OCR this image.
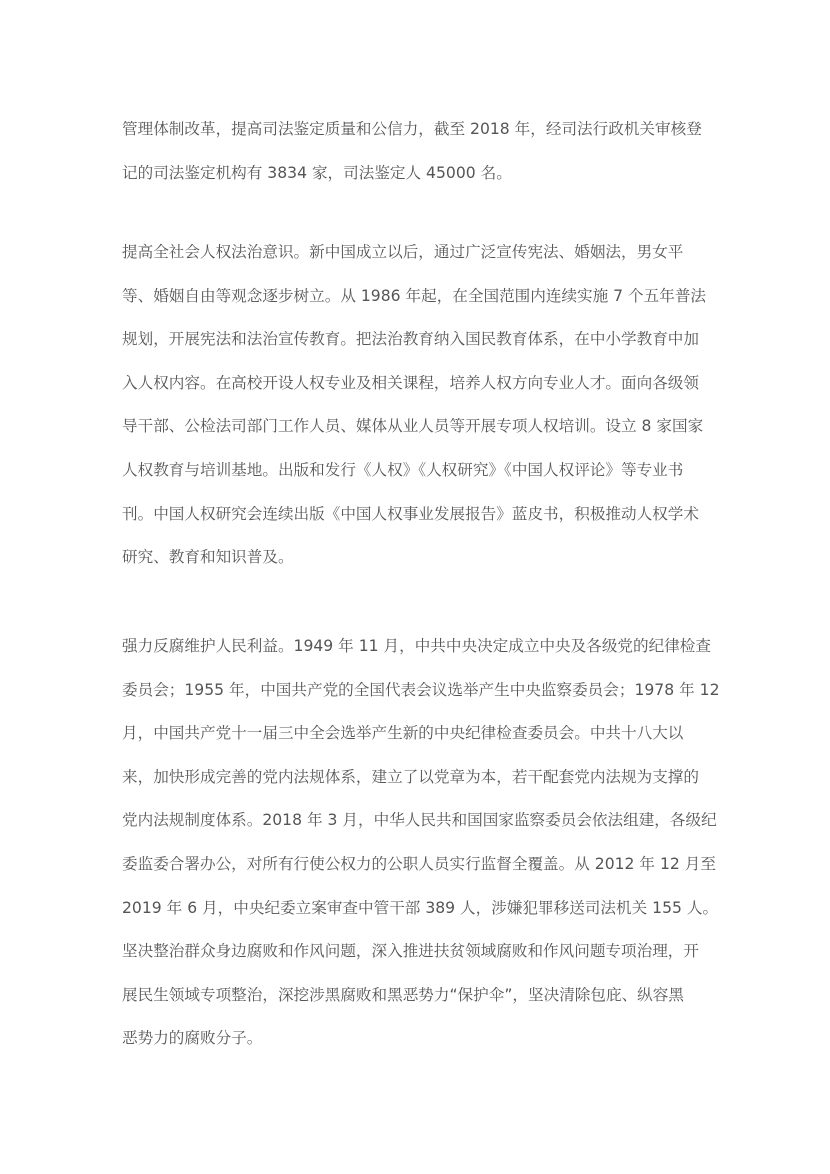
管理体制改革，提高司法鉴定质量和公信力，截至 2018 年，经司法行政机关审核登
记的司法鉴定机构有 3834 家，司法鉴定人 45000 名。
提高全社会人权法治意识。新中国成立以后，通过广泛宣传宪法、婚姻法，男女平
等、婚姻自由等观念逐步树立。从 1986 年起，在全国范围内连续实施 7 个五年普法
规划，开展宪法和法治宣传教育。把法治教育纳入国民教育体系，在中小学教育中加
入人权内容。在高校开设人权专业及相关课程，培养人权方向专业人才。面向各级领
导干部、公检法司部门工作人员、媒体从业人员等开展专项人权培训。设立 8 家国家
人权教育与培训基地。出版和发行《人权》《人权研究》《中国人权评论》等专业书
刊。中国人权研究会连续出版《中国人权事业发展报告》蓝皮书，积极推动人权学术
研究、教育和知识普及。
强力反腐维护人民利益。1949 年 11 月，中共中央决定成立中央及各级党的纪律检查
委员会；1955 年，中国共产党的全国代表会议选举产生中央监察委员会；1978 年 12
月，中国共产党十一届三中全会选举产生新的中央纪律检查委员会。中共十八大以
来，加快形成完善的党内法规体系，建立了以党章为本，若干配套党内法规为支撑的
党内法规制度体系。2018 年 3 月，中华人民共和国国家监察委员会依法组建，各级纪
委监委合署办公，对所有行使公权力的公职人员实行监督全覆盖。从 2012 年 12 月至
2019 年 6 月，中央纪委立案审查中管干部 389 人，涉嫌犯罪移送司法机关 155 人。
坚决整治群众身边腐败和作风问题，深入推进扶贫领域腐败和作风问题专项治理，开
展民生领域专项整治，深挖涉黑腐败和黑恶势力“保护伞”，坚决清除包庇、纵容黑
恶势力的腐败分子。
